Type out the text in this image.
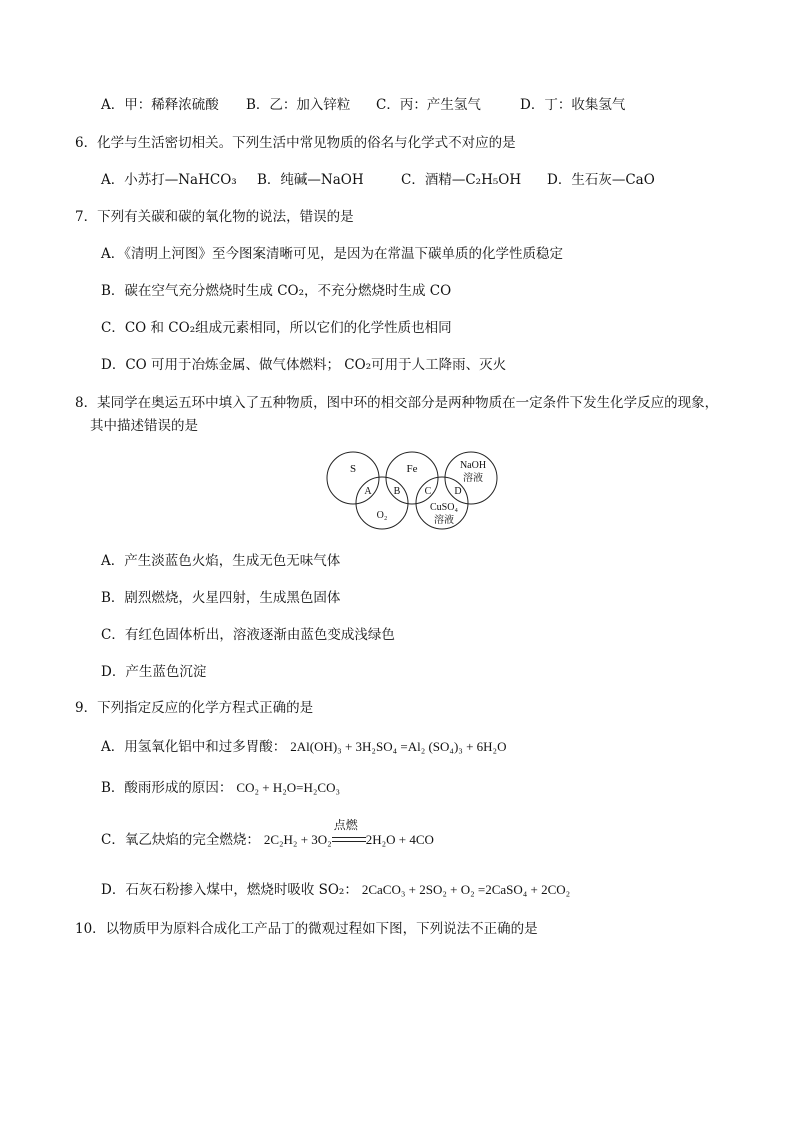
A．甲：稀释浓硫酸 B．乙：加入锌粒 C．丙：产生氢气	D．丁：收集氢气
6．化学与生活密切相关。下列生活中常见物质的俗名与化学式不对应的是
A．小苏打—NaHCO₃ B．纯碱—NaOH	C．酒精—C₂H₅OH D．生石灰—CaO
7．下列有关碳和碳的氧化物的说法，错误的是
A．《清明上河图》至今图案清晰可见，是因为在常温下碳单质的化学性质稳定
B．碳在空气充分燃烧时生成 CO₂，不充分燃烧时生成 CO
C．CO 和 CO₂组成元素相同，所以它们的化学性质也相同
D．CO 可用于冶炼金属、做气体燃料； CO₂可用于人工降雨、灭火
8．某同学在奥运五环中填入了五种物质，图中环的相交部分是两种物质在一定条件下发生化学反应的现象，
其中描述错误的是
S	Fe	NaOH
溶液
O₂
CuSO₄
溶液
A B C D
A．产生淡蓝色火焰，生成无色无味气体
B．剧烈燃烧，火星四射，生成黑色固体
C．有红色固体析出，溶液逐渐由蓝色变成浅绿色
D．产生蓝色沉淀
9．下列指定反应的化学方程式正确的是
A．用氢氧化铝中和过多胃酸： 2Al(OH)₃ + 3H₂SO₄ =Al₂ (SO₄)₃ + 6H₂O
B．酸雨形成的原因： CO₂ + H₂O=H₂CO₃
C．氧乙炔焰的完全燃烧： 2C₂H₂ + 3O₂
点燃
2H₂O + 4CO
D．石灰石粉掺入煤中，燃烧时吸收 SO₂： 2CaCO₃ + 2SO₂ + O₂ =2CaSO₄ + 2CO₂
10．以物质甲为原料合成化工产品丁的微观过程如下图，下列说法不正确的是
